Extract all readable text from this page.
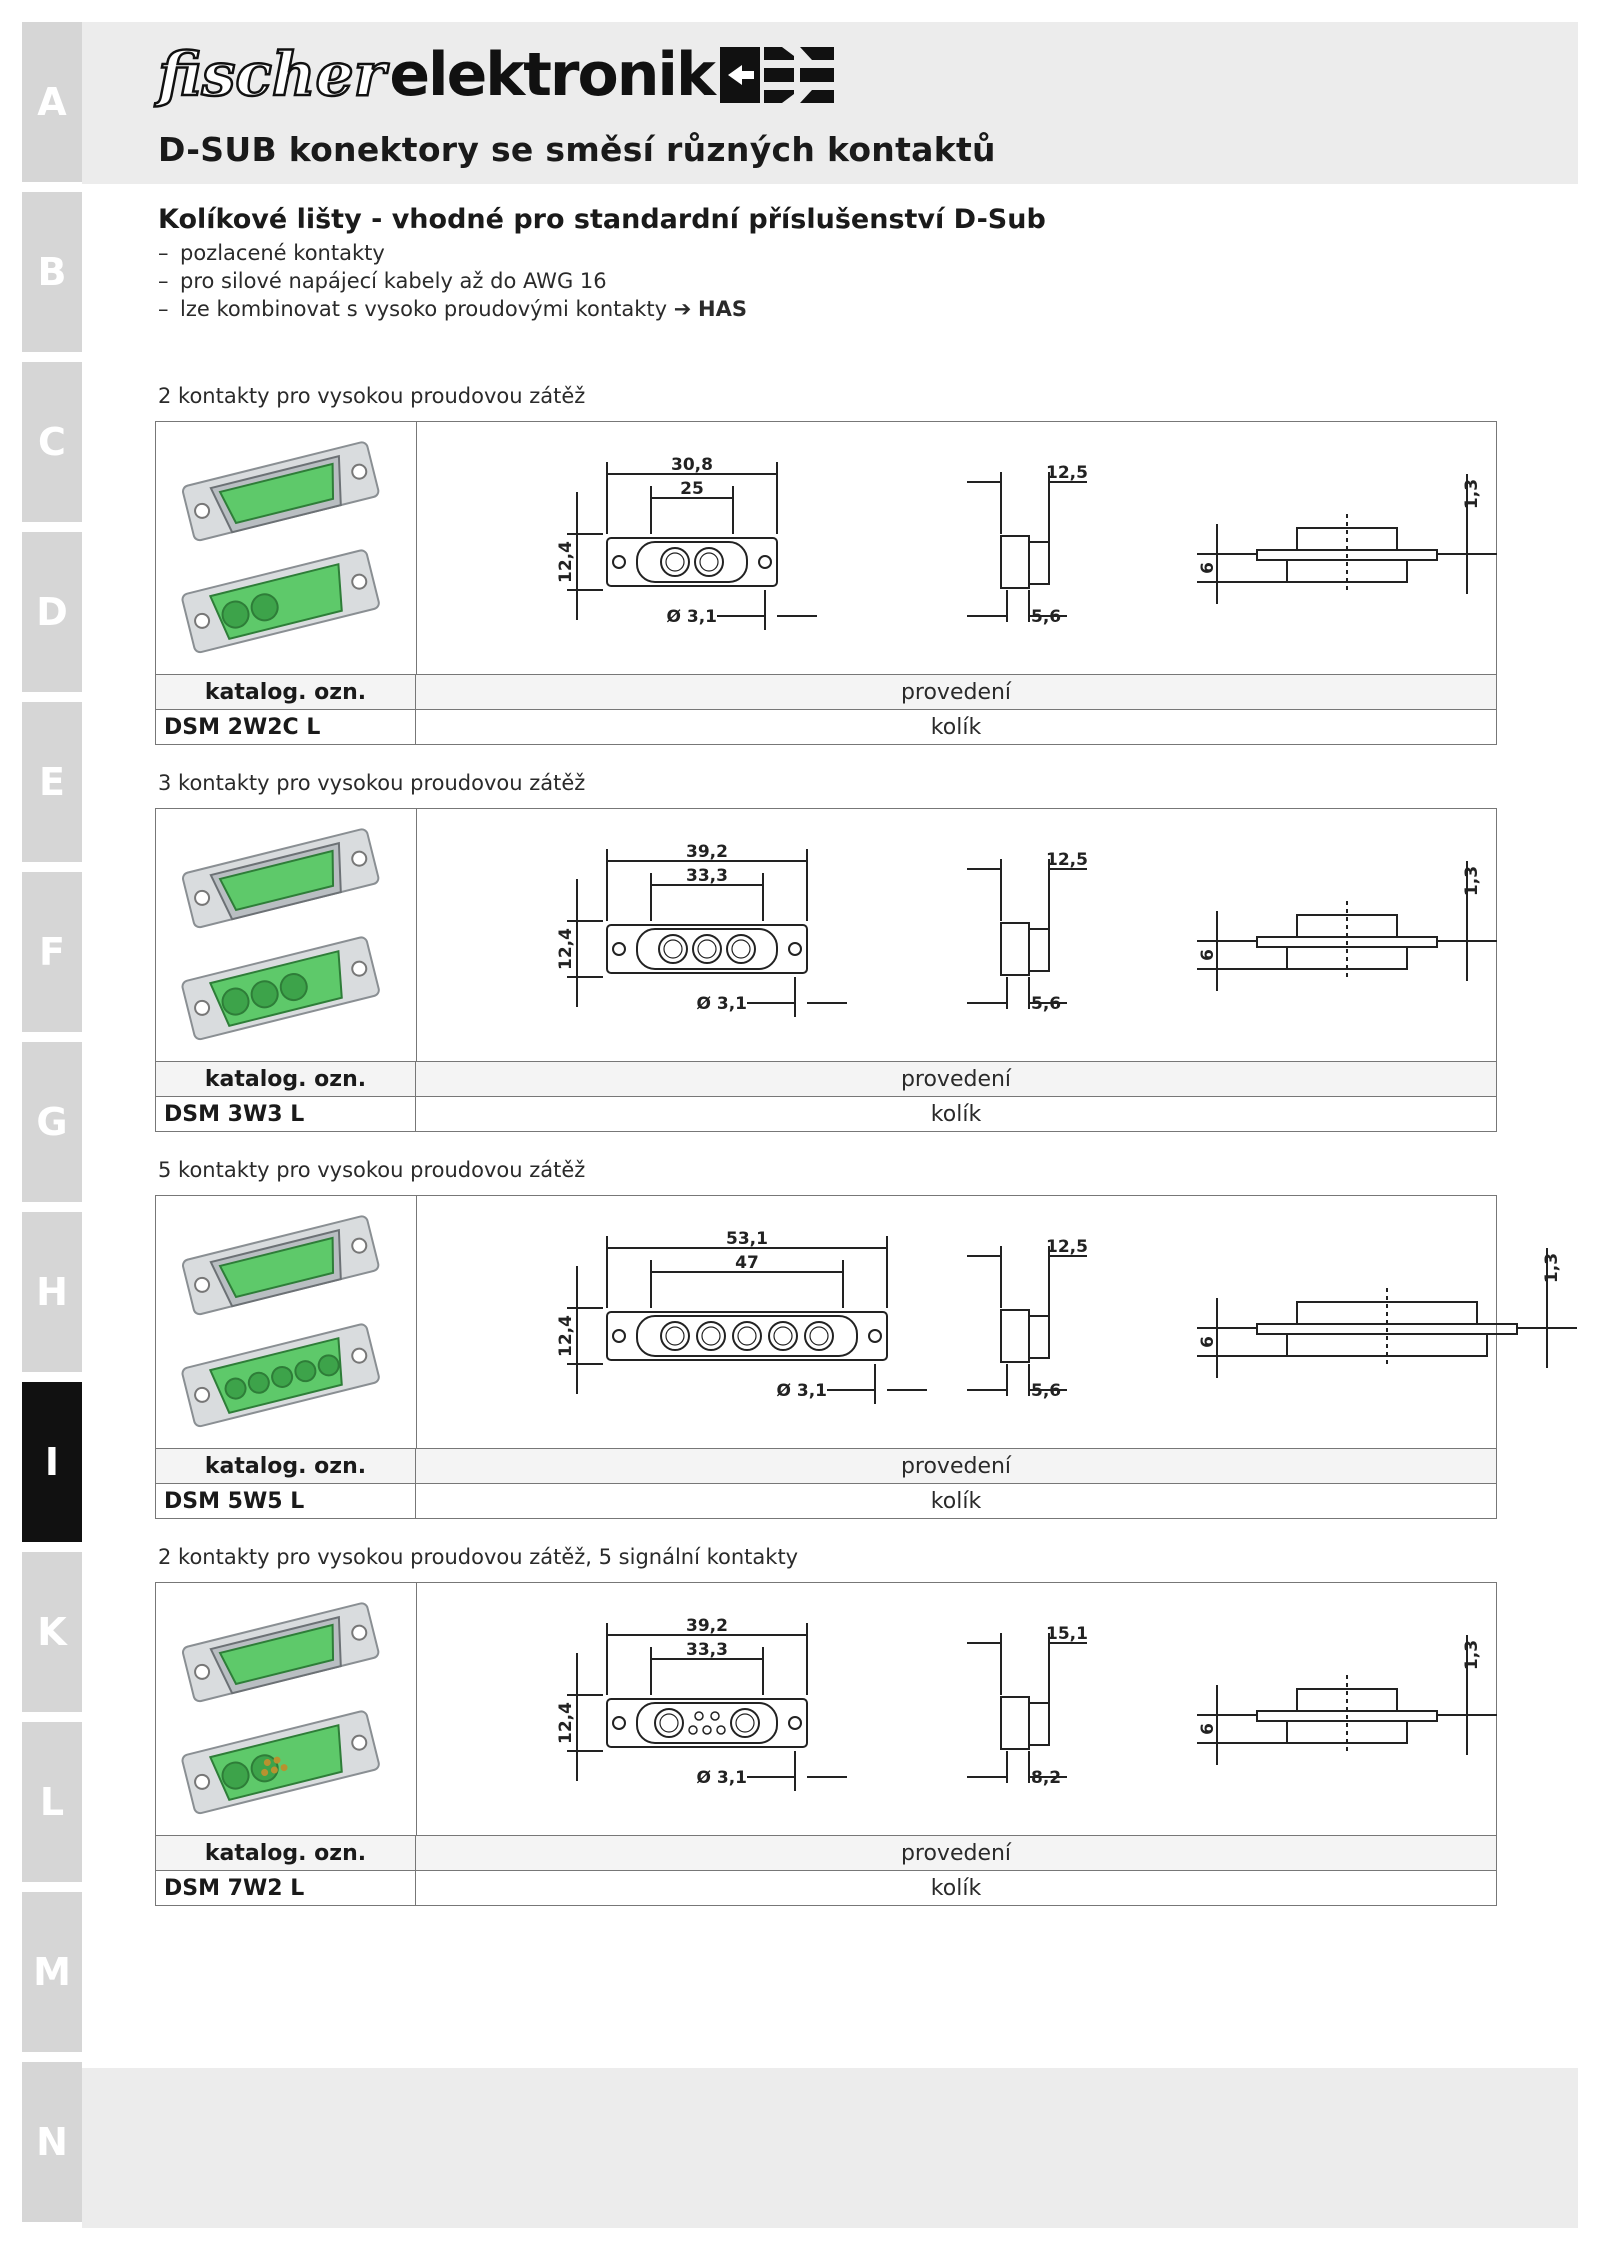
A
B
C
D
E
F
G
H
I
K
L
M
N
fischer elektronik
D-SUB konektory se směsí různých kontaktů
Kolíkové lišty - vhodné pro standardní příslušenství D-Sub
– pozlacené kontakty
– pro silové napájecí kabely až do AWG 16
– lze kombinovat s vysoko proudovými kontakty ➔ HAS
2 kontakty pro vysokou proudovou zátěž
30,8
25
12,4
Ø 3,1
12,5
5,6
6
1,3
katalog. ozn.	provedení
DSM 2W2C L	kolík
3 kontakty pro vysokou proudovou zátěž
39,2
33,3
12,4
Ø 3,1
12,5
5,6
6
1,3
katalog. ozn.	provedení
DSM 3W3 L	kolík
5 kontakty pro vysokou proudovou zátěž
53,1
47
12,4
Ø 3,1
12,5
5,6
6
1,3
katalog. ozn.	provedení
DSM 5W5 L	kolík
2 kontakty pro vysokou proudovou zátěž, 5 signální kontakty
39,2
33,3
12,4
Ø 3,1
15,1
8,2
6
1,3
katalog. ozn.	provedení
DSM 7W2 L	kolík
